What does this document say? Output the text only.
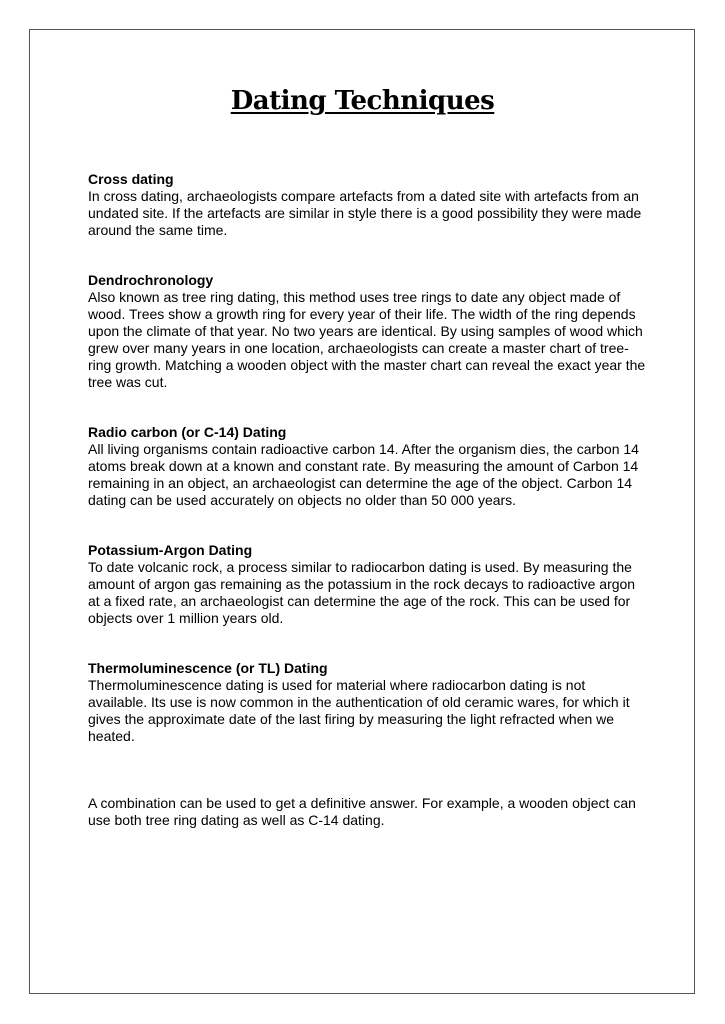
Dating Techniques
Cross dating

In cross dating, archaeologists compare artefacts from a dated site with artefacts from an undated site. If the artefacts are similar in style there is a good possibility they were made around the same time.

Dendrochronology

Also known as tree ring dating, this method uses tree rings to date any object made of wood. Trees show a growth ring for every year of their life. The width of the ring depends upon the climate of that year. No two years are identical. By using samples of wood which grew over many years in one location, archaeologists can create a master chart of tree-ring growth. Matching a wooden object with the master chart can reveal the exact year the tree was cut.

Radio carbon (or C-14) Dating

All living organisms contain radioactive carbon 14. After the organism dies, the carbon 14 atoms break down at a known and constant rate. By measuring the amount of Carbon 14 remaining in an object, an archaeologist can determine the age of the object. Carbon 14 dating can be used accurately on objects no older than 50 000 years.

Potassium-Argon Dating

To date volcanic rock, a process similar to radiocarbon dating is used. By measuring the amount of argon gas remaining as the potassium in the rock decays to radioactive argon at a fixed rate, an archaeologist can determine the age of the rock. This can be used for objects over 1 million years old.

Thermoluminescence (or TL) Dating

Thermoluminescence dating is used for material where radiocarbon dating is not available. Its use is now common in the authentication of old ceramic wares, for which it gives the approximate date of the last firing by measuring the light refracted when we heated.

A combination can be used to get a definitive answer. For example, a wooden object can use both tree ring dating as well as C-14 dating.
